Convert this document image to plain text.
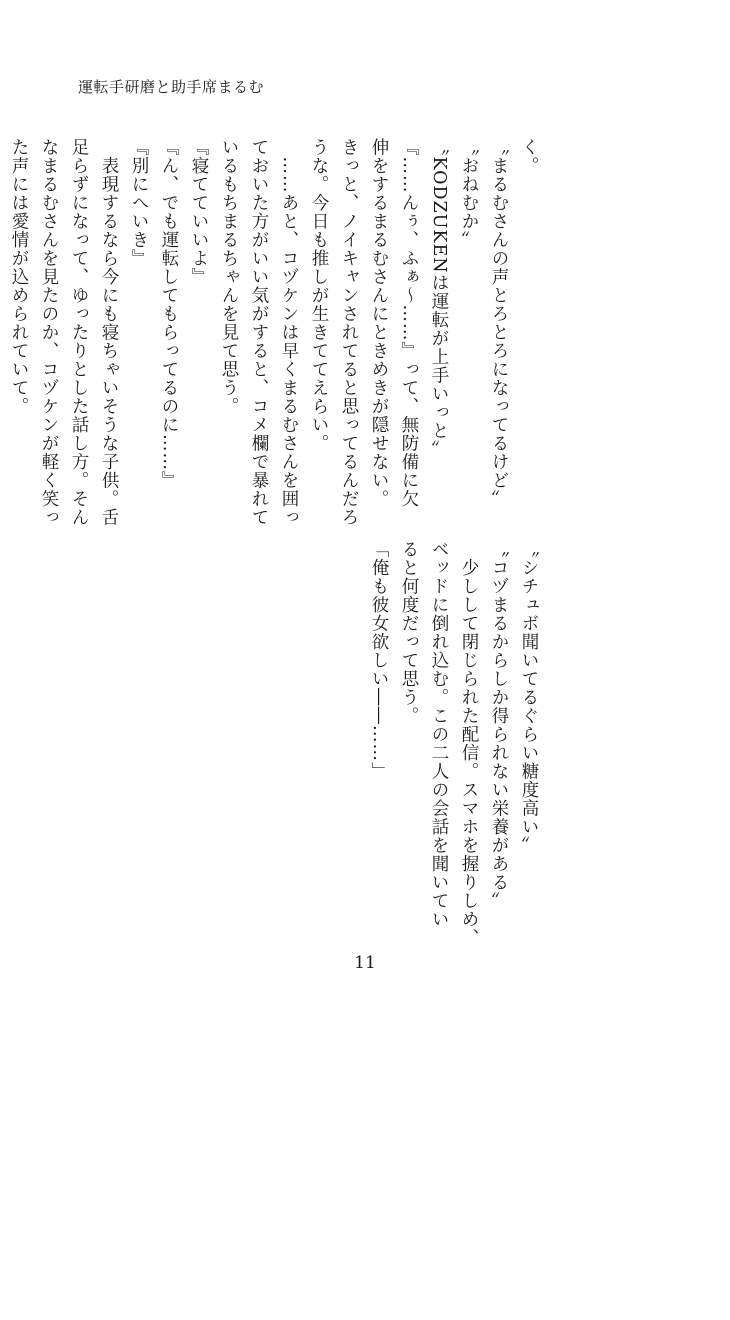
運転手研磨と助手席まるむ
く。
〝まるむさんの声とろとろになってるけど〟
〝おねむか〟
〝KODZUKENは運転が上手いっと〟
『……んぅ、ふぁ～……』って、無防備に欠
伸をするまるむさんにときめきが隠せない。
きっと、ノイキャンされてると思ってるんだろ
うな。今日も推しが生きててえらい。
　……あと、コヅケンは早くまるむさんを囲っ
ておいた方がいい気がすると、コメ欄で暴れて
いるもちまるちゃんを見て思う。
『寝てていいよ』
『ん、でも運転してもらってるのに……』
『別にへいき』
　表現するなら今にも寝ちゃいそうな子供。舌
足らずになって、ゆったりとした話し方。そん
なまるむさんを見たのか、コヅケンが軽く笑っ
た声には愛情が込められていて。
〝シチュボ聞いてるぐらい糖度高い〟
〝コヅまるからしか得られない栄養がある〟
　少しして閉じられた配信。スマホを握りしめ、
ベッドに倒れ込む。この二人の会話を聞いてい
ると何度だって思う。
「俺も彼女欲しい――……」
11
